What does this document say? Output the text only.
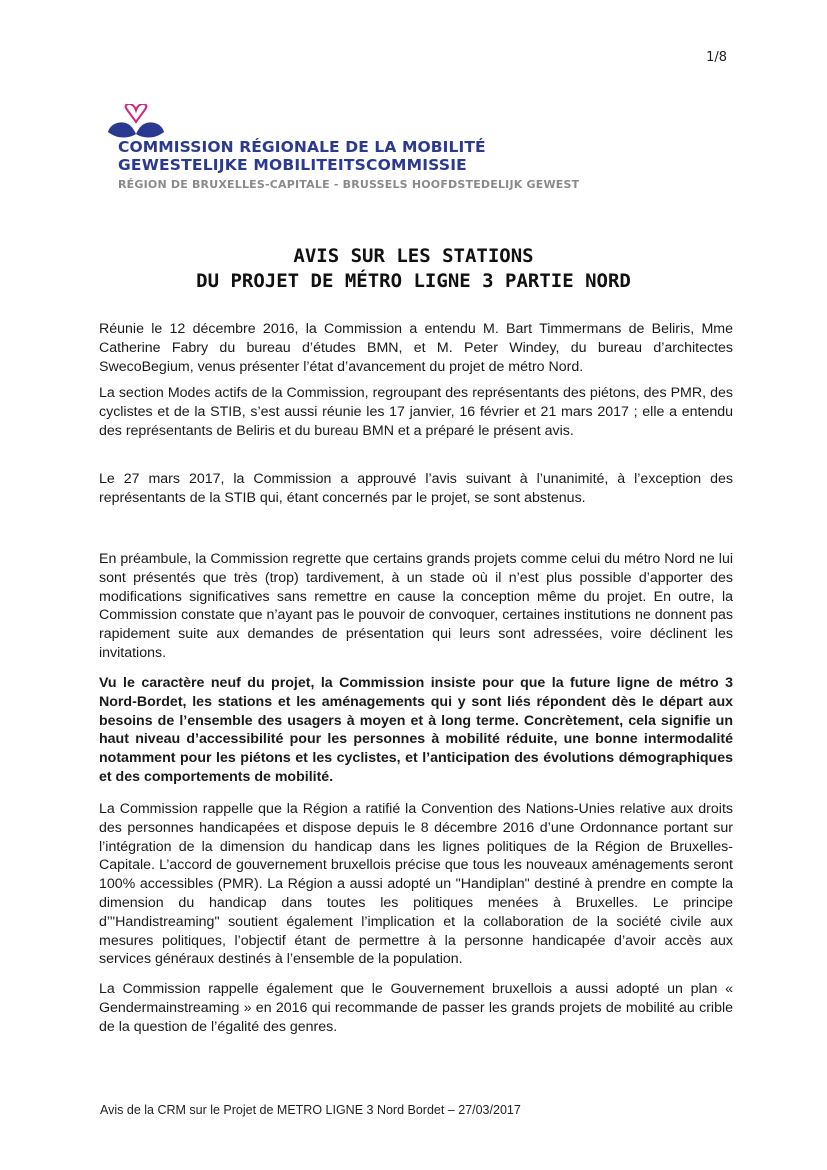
1/8
COMMISSION RÉGIONALE DE LA MOBILITÉ
GEWESTELIJKE MOBILITEITSCOMMISSIE
RÉGION DE BRUXELLES-CAPITALE - BRUSSELS HOOFDSTEDELIJK GEWEST
AVIS SUR LES STATIONS
DU PROJET DE MÉTRO LIGNE 3 PARTIE NORD

Réunie le 12 décembre 2016, la Commission a entendu M. Bart Timmermans de Beliris, Mme Catherine Fabry du bureau d’études BMN, et M. Peter Windey, du bureau d’architectes SwecoBegium, venus présenter l’état d’avancement du projet de métro Nord.

La section Modes actifs de la Commission, regroupant des représentants des piétons, des PMR, des cyclistes et de la STIB, s’est aussi réunie les 17 janvier, 16 février et 21 mars 2017 ; elle a entendu des représentants de Beliris et du bureau BMN et a préparé le présent avis.

Le 27 mars 2017, la Commission a approuvé l’avis suivant à l’unanimité, à l’exception des représentants de la STIB qui, étant concernés par le projet, se sont abstenus.

En préambule, la Commission regrette que certains grands projets comme celui du métro Nord ne lui sont présentés que très (trop) tardivement, à un stade où il n’est plus possible d’apporter des modifications significatives sans remettre en cause la conception même du projet. En outre, la Commission constate que n’ayant pas le pouvoir de convoquer, certaines institutions ne donnent pas rapidement suite aux demandes de présentation qui leurs sont adressées, voire déclinent les invitations.

Vu le caractère neuf du projet, la Commission insiste pour que la future ligne de métro 3 Nord-Bordet, les stations et les aménagements qui y sont liés répondent dès le départ aux besoins de l’ensemble des usagers à moyen et à long terme. Concrètement, cela signifie un haut niveau d’accessibilité pour les personnes à mobilité réduite, une bonne intermodalité notamment pour les piétons et les cyclistes, et l’anticipation des évolutions démographiques et des comportements de mobilité.

La Commission rappelle que la Région a ratifié la Convention des Nations-Unies relative aux droits des personnes handicapées et dispose depuis le 8 décembre 2016 d’une Ordonnance portant sur l’intégration de la dimension du handicap dans les lignes politiques de la Région de Bruxelles-Capitale. L’accord de gouvernement bruxellois précise que tous les nouveaux aménagements seront 100% accessibles (PMR). La Région a aussi adopté un "Handiplan" destiné à prendre en compte la dimension du handicap dans toutes les politiques menées à Bruxelles. Le principe d’"Handistreaming" soutient également l’implication et la collaboration de la société civile aux mesures politiques, l’objectif étant de permettre à la personne handicapée d’avoir accès aux services généraux destinés à l’ensemble de la population.

La Commission rappelle également que le Gouvernement bruxellois a aussi adopté un plan « Gendermainstreaming » en 2016 qui recommande de passer les grands projets de mobilité au crible de la question de l’égalité des genres.

Avis de la CRM sur le Projet de METRO LIGNE 3 Nord Bordet – 27/03/2017
